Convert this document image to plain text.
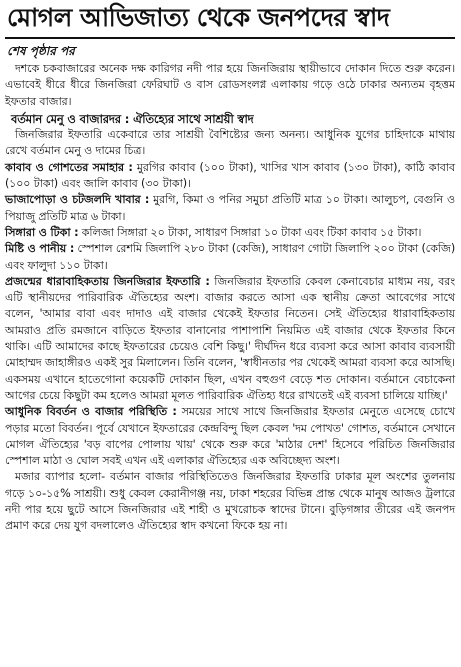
মোগল আভিজাত্য থেকে জনপদের স্বাদ
শেষ পৃষ্ঠার পর

দশকে চকবাজারের অনেক দক্ষ কারিগর নদী পার হয়ে জিনজিরায় স্থায়ীভাবে দোকান দিতে শুরু করেন। এভাবেই ধীরে ধীরে জিনজিরা ফেরিঘাট ও বাস রোডসংলগ্ন এলাকায় গড়ে ওঠে ঢাকার অন্যতম বৃহত্তম ইফতার বাজার।

বর্তমান মেনু ও বাজারদর : ঐতিহ্যের সাথে সাশ্রয়ী স্বাদ

জিনজিরার ইফতারি একেবারে তার সাশ্রয়ী বৈশিষ্ট্যের জন্য অনন্য। আধুনিক যুগের চাহিদাকে মাথায় রেখে বর্তমান মেনু ও দামের চিত্র।

কাবাব ও গোশতের সমাহার : মুরগির কাবাব (১০০ টাকা), খাসির খাস কাবাব (১৩০ টাকা), কাঠি কাবাব (১০০ টাকা) এবং জালি কাবাব (৩০ টাকা)।

ভাজাপোড়া ও চটজলদি খাবার : মুরগি, কিমা ও পনির সমুচা প্রতিটি মাত্র ১০ টাকা। আলুচপ, বেগুনি ও পিয়াজু প্রতিটি মাত্র ৬ টাকা।

সিঙ্গারা ও টিকা : কলিজা সিঙ্গারা ২০ টাকা, সাধারণ সিঙ্গারা ১০ টাকা এবং টিকা কাবাব ১৫ টাকা।

মিষ্টি ও পানীয় : স্পেশাল রেশমি জিলাপি ২৮০ টাকা (কেজি), সাধারণ গোটা জিলাপি ২০০ টাকা (কেজি) এবং ফালুদা ১১০ টাকা।

প্রজন্মের ধারাবাহিকতায় জিনজিরার ইফতারি : জিনজিরার ইফতারি কেবল কেনাবেচার মাধ্যম নয়, বরং এটি স্থানীয়দের পারিবারিক ঐতিহ্যের অংশ। বাজার করতে আসা এক স্থানীয় ক্রেতা আবেগের সাথে বলেন, 'আমার বাবা এবং দাদাও এই বাজার থেকেই ইফতার নিতেন। সেই ঐতিহ্যের ধারাবাহিকতায় আমরাও প্রতি রমজানে বাড়িতে ইফতার বানানোর পাশাপাশি নিয়মিত এই বাজার থেকে ইফতার কিনে থাকি। এটি আমাদের কাছে ইফতারের চেয়েও বেশি কিছু।' দীর্ঘদিন ধরে ব্যবসা করে আসা কাবাব ব্যবসায়ী মোহাম্মদ জাহাঙ্গীরও একই সুর মিলালেন। তিনি বলেন, 'স্বাধীনতার পর থেকেই আমরা ব্যবসা করে আসছি। একসময় এখানে হাতেগোনা কয়েকটি দোকান ছিল, এখন বহুগুণ বেড়ে শত দোকান। বর্তমানে বেচাকেনা আগের চেয়ে কিছুটা কম হলেও আমরা মূলত পারিবারিক ঐতিহ্য ধরে রাখতেই এই ব্যবসা চালিয়ে যাচ্ছি।'

আধুনিক বিবর্তন ও বাজার পরিস্থিতি : সময়ের সাথে সাথে জিনজিরার ইফতার মেনুতে এসেছে চোখে পড়ার মতো বিবর্তন। পূর্বে যেখানে ইফতারের কেন্দ্রবিন্দু ছিল কেবল 'দম পোখত' গোশত, বর্তমানে সেখানে মোগল ঐতিহ্যের 'বড় বাপের পোলায় খায়' থেকে শুরু করে 'মাঠার দেশ' হিসেবে পরিচিত জিনজিরার স্পেশাল মাঠা ও ঘোল সবই এখন এই এলাকার ঐতিহ্যের এক অবিচ্ছেদ্য অংশ।

মজার ব্যাপার হলো- বর্তমান বাজার পরিস্থিতিতেও জিনজিরার ইফতারি ঢাকার মূল অংশের তুলনায় গড়ে ১০-১৫% সাশ্রয়ী। শুধু কেবল কেরানীগঞ্জ নয়, ঢাকা শহরের বিভিন্ন প্রান্ত থেকে মানুষ আজও ট্রলারে নদী পার হয়ে ছুটে আসে জিনজিরার এই শাহী ও মুখরোচক স্বাদের টানে। বুড়িগঙ্গার তীরের এই জনপদ প্রমাণ করে দেয় যুগ বদলালেও ঐতিহ্যের স্বাদ কখনো ফিকে হয় না।
